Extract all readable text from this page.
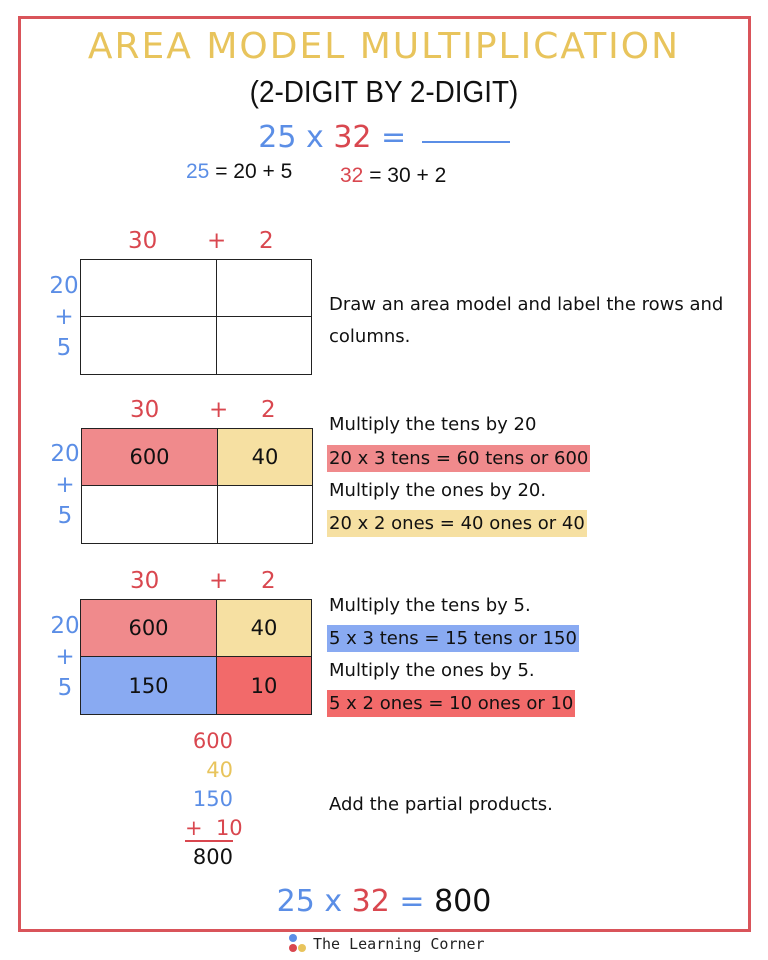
AREA MODEL MULTIPLICATION
(2-DIGIT BY 2-DIGIT)
25 x 32 =
25 = 20 + 5 32 = 30 + 2
30 + 2
20
+
5
Draw an area model and label the rows and columns.
30 + 2
20
+
5
600	40
Multiply the tens by 20
20 x 3 tens = 60 tens or 600
Multiply the ones by 20.
20 x 2 ones = 40 ones or 40
30 + 2
20
+
5
600	40
150	10
Multiply the tens by 5.
5 x 3 tens = 15 tens or 150
Multiply the ones by 5.
5 x 2 ones = 10 ones or 10
600
40
150
+  10
800
Add the partial products.
25 x 32 = 800
The Learning Corner
